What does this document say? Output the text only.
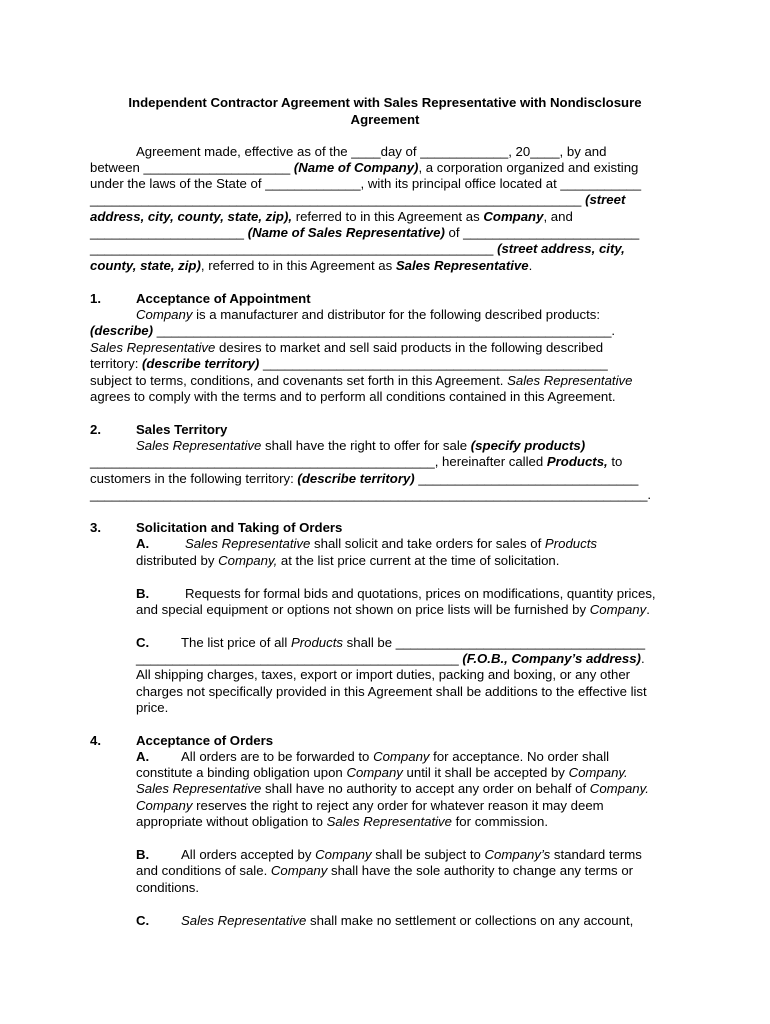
Independent Contractor Agreement with Sales Representative with Nondisclosure
Agreement
Agreement made, effective as of the ____day of ____________, 20____, by and
between ____________________ (Name of Company), a corporation organized and existing
under the laws of the State of _____________, with its principal office located at ___________
___________________________________________________________________ (street
address, city, county, state, zip), referred to in this Agreement as Company, and
_____________________ (Name of Sales Representative) of ________________________
_______________________________________________________ (street address, city,
county, state, zip), referred to in this Agreement as Sales Representative.
1.	Acceptance of Appointment
Company is a manufacturer and distributor for the following described products:
(describe) ______________________________________________________________.
Sales Representative desires to market and sell said products in the following described
territory: (describe territory) _______________________________________________
subject to terms, conditions, and covenants set forth in this Agreement. Sales Representative
agrees to comply with the terms and to perform all conditions contained in this Agreement.
2.	Sales Territory
Sales Representative shall have the right to offer for sale (specify products)
_______________________________________________, hereinafter called Products, to
customers in the following territory: (describe territory) ______________________________
____________________________________________________________________________.
3.	Solicitation and Taking of Orders
A.	Sales Representative shall solicit and take orders for sales of Products
distributed by Company, at the list price current at the time of solicitation.
B.	Requests for formal bids and quotations, prices on modifications, quantity prices,
and special equipment or options not shown on price lists will be furnished by Company.
C. The list price of all Products shall be __________________________________
____________________________________________ (F.O.B., Company’s address).
All shipping charges, taxes, export or import duties, packing and boxing, or any other
charges not specifically provided in this Agreement shall be additions to the effective list
price.
4.	Acceptance of Orders
A. All orders are to be forwarded to Company for acceptance. No order shall
constitute a binding obligation upon Company until it shall be accepted by Company.
Sales Representative shall have no authority to accept any order on behalf of Company.
Company reserves the right to reject any order for whatever reason it may deem
appropriate without obligation to Sales Representative for commission.
B. All orders accepted by Company shall be subject to Company’s standard terms
and conditions of sale. Company shall have the sole authority to change any terms or
conditions.
C. Sales Representative shall make no settlement or collections on any account,
